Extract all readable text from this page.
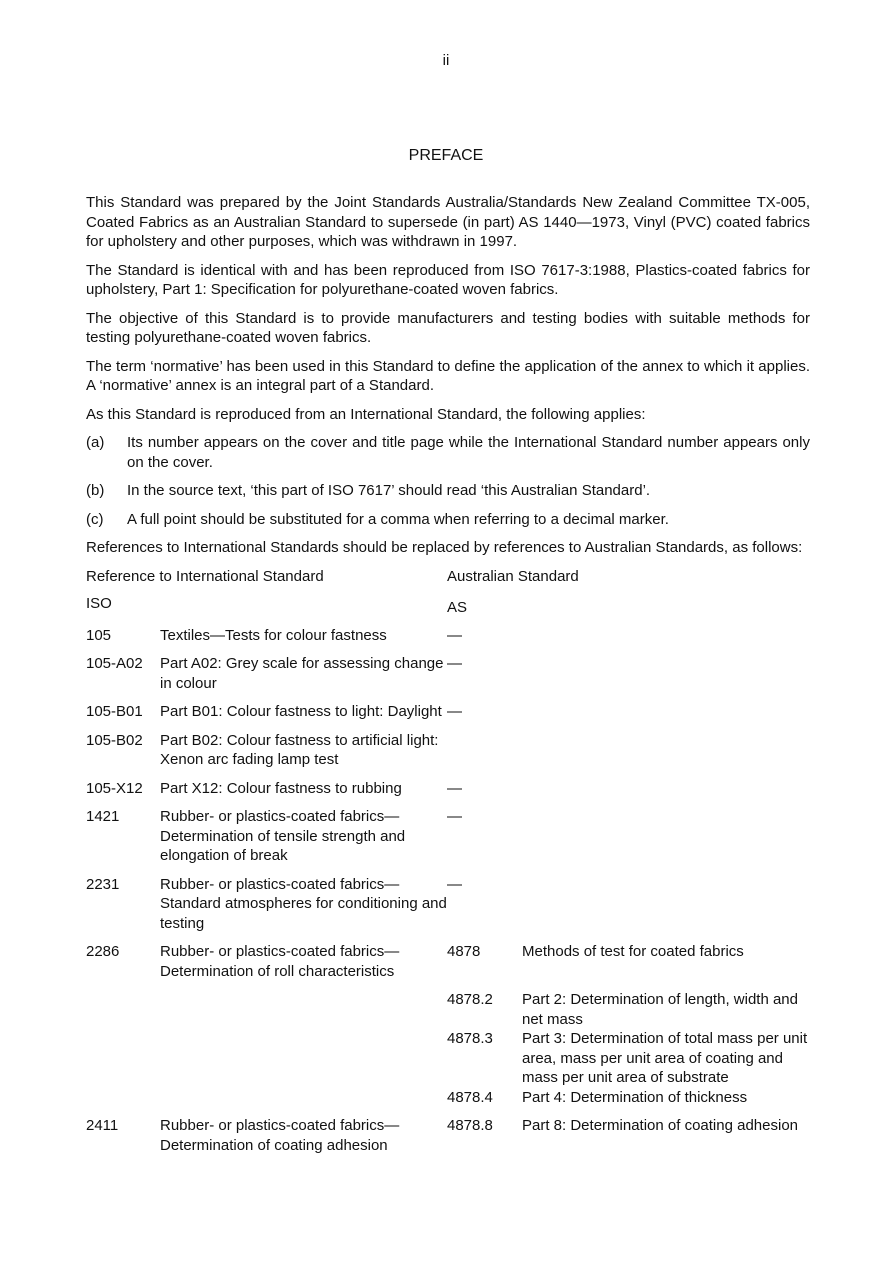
ii
PREFACE

This Standard was prepared by the Joint Standards Australia/Standards New Zealand Committee TX-005, Coated Fabrics as an Australian Standard to supersede (in part) AS 1440—1973, Vinyl (PVC) coated fabrics for upholstery and other purposes, which was withdrawn in 1997.

The Standard is identical with and has been reproduced from ISO 7617-3:1988, Plastics-coated fabrics for upholstery, Part 1: Specification for polyurethane-coated woven fabrics.

The objective of this Standard is to provide manufacturers and testing bodies with suitable methods for testing polyurethane-coated woven fabrics.

The term ‘normative’ has been used in this Standard to define the application of the annex to which it applies. A ‘normative’ annex is an integral part of a Standard.

As this Standard is reproduced from an International Standard, the following applies:

(a)	Its number appears on the cover and title page while the International Standard number appears only on the cover.
(b)	In the source text, ‘this part of ISO 7617’ should read ‘this Australian Standard’.
(c)	A full point should be substituted for a comma when referring to a decimal marker.

References to International Standards should be replaced by references to Australian Standards, as follows:

Reference to International Standard		Australian Standard	
ISO		AS	
105	Textiles—Tests for colour fastness	—	
105-A02	Part A02: Grey scale for assessing change in colour	—	
105-B01	Part B01: Colour fastness to light: Daylight	—	
105-B02	Part B02: Colour fastness to artificial light: Xenon arc fading lamp test		
105-X12	Part X12: Colour fastness to rubbing	—	
1421	Rubber- or plastics-coated fabrics—Determination of tensile strength and elongation of break	—	
2231	Rubber- or plastics-coated fabrics—Standard atmospheres for conditioning and testing	—	
2286	Rubber- or plastics-coated fabrics—Determination of roll characteristics	4878	Methods of test for coated fabrics
		4878.2	Part 2: Determination of length, width and net mass
		4878.3	Part 3: Determination of total mass per unit area, mass per unit area of coating and mass per unit area of substrate
		4878.4	Part 4: Determination of thickness
2411	Rubber- or plastics-coated fabrics—Determination of coating adhesion	4878.8	Part 8: Determination of coating adhesion
